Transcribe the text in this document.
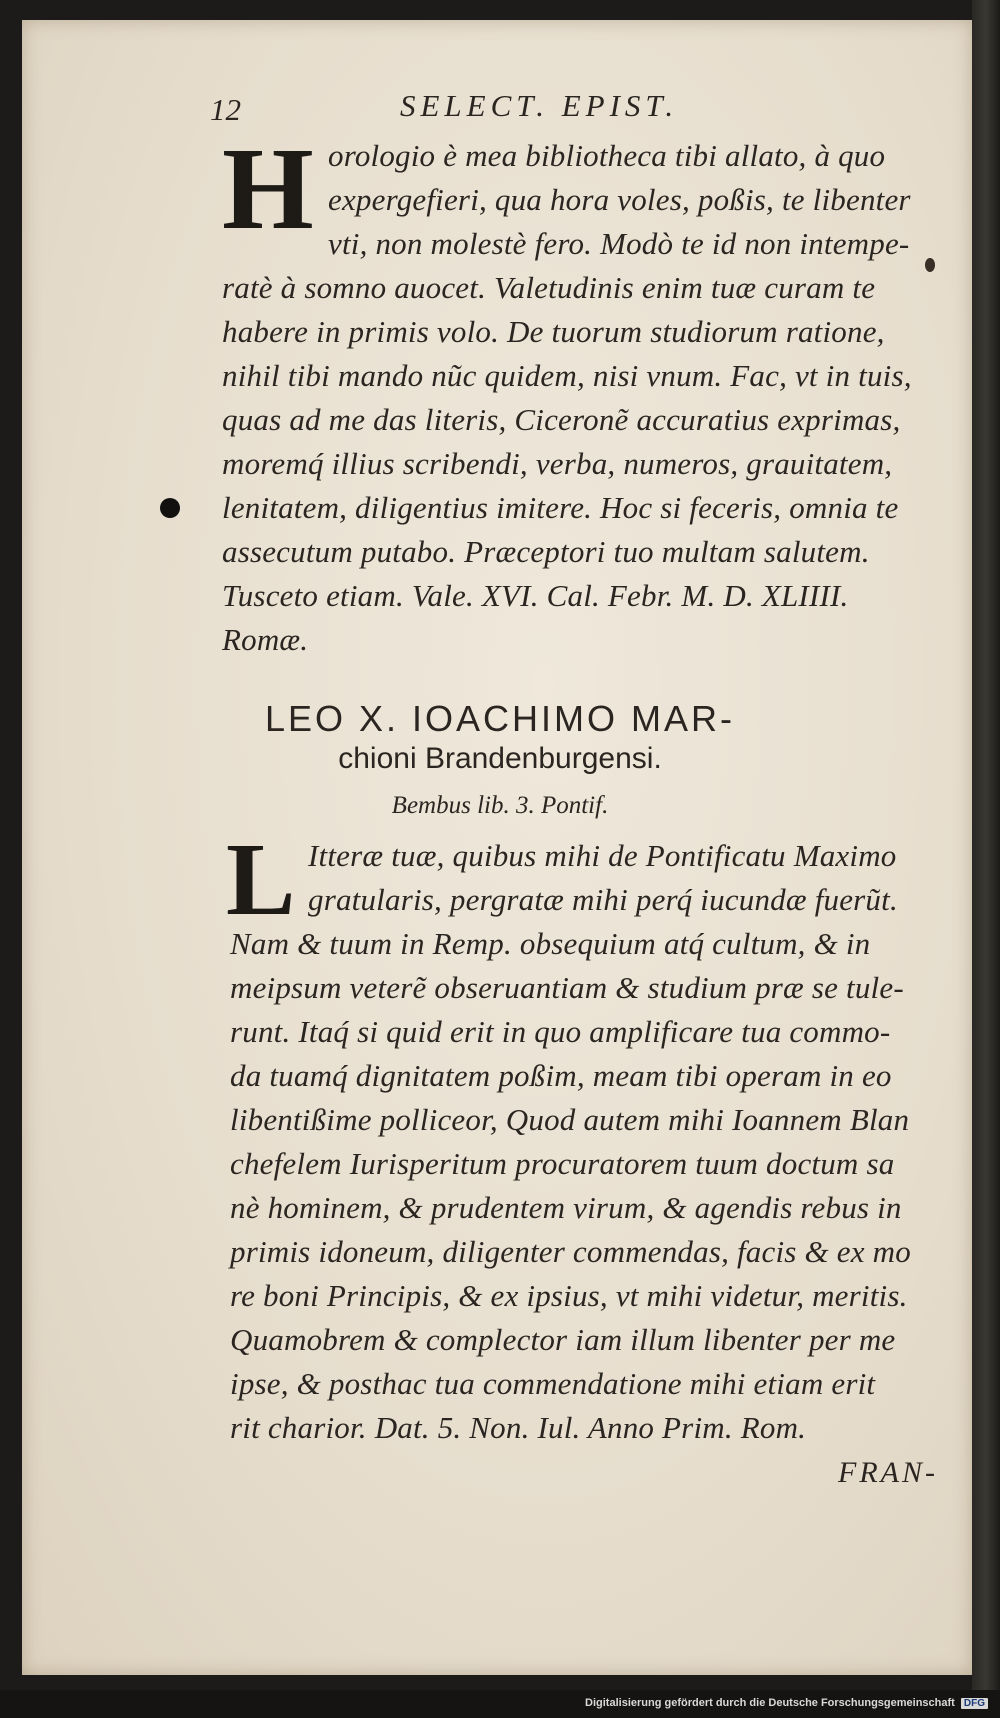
12	SELECT. EPIST.
H orologio è mea bibliotheca tibi allato, à quo
expergefieri, qua hora voles, poßis, te libenter
vti, non molestè fero. Modò te id non intempe-
ratè à somno auocet. Valetudinis enim tuæ curam te
habere in primis volo. De tuorum studiorum ratione,
nihil tibi mando nũc quidem, nisi vnum. Fac, vt in tuis,
quas ad me das literis, Ciceronẽ accuratius exprimas,
moremq́ illius scribendi, verba, numeros, grauitatem,
lenitatem, diligentius imitere. Hoc si feceris, omnia te
assecutum putabo. Præceptori tuo multam salutem.
Tusceto etiam. Vale. XVI. Cal. Febr. M. D. XLIIII.
Romæ.
LEO X. IOACHIMO MAR-
chioni Brandenburgensi.
Bembus lib. 3. Pontif.
L Itteræ tuæ, quibus mihi de Pontificatu Maximo
gratularis, pergratæ mihi perq́ iucundæ fuerũt.
Nam & tuum in Remp. obsequium atq́ cultum, & in
meipsum veterẽ obseruantiam & studium præ se tule-
runt. Itaq́ si quid erit in quo amplificare tua commo-
da tuamq́ dignitatem poßim, meam tibi operam in eo
libentißime polliceor, Quod autem mihi Ioannem Blan
chefelem Iurisperitum procuratorem tuum doctum sa
nè hominem, & prudentem virum, & agendis rebus in
primis idoneum, diligenter commendas, facis & ex mo
re boni Principis, & ex ipsius, vt mihi videtur, meritis.
Quamobrem & complector iam illum libenter per me
ipse, & posthac tua commendatione mihi etiam erit
rit charior. Dat. 5. Non. Iul. Anno Prim. Rom.
FRAN-
Digitalisierung gefördert durch die Deutsche Forschungsgemeinschaft DFG
